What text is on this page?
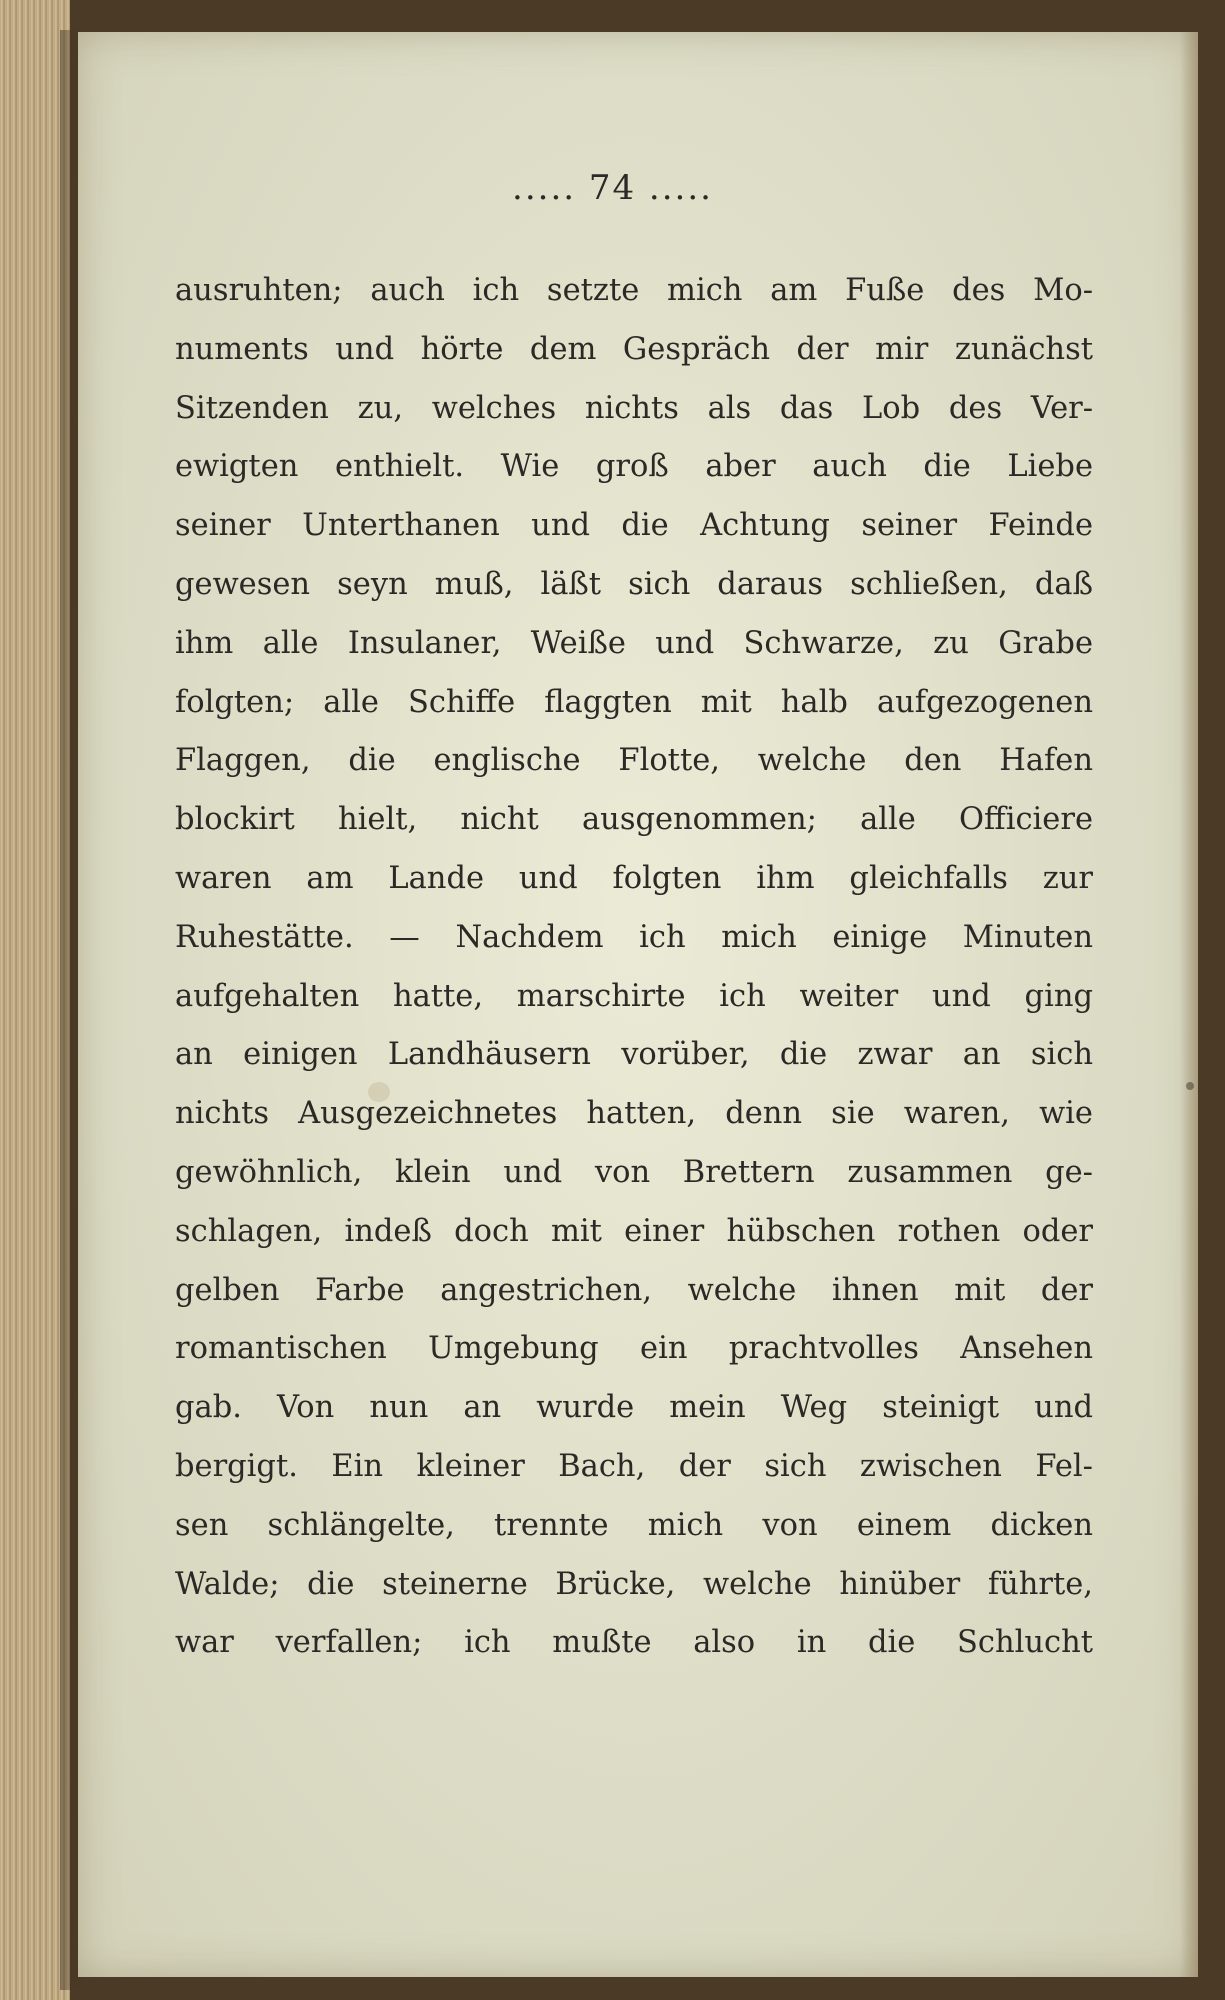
..... 74 .....
ausruhten; auch ich setzte mich am Fuße des Mo-
numents und hörte dem Gespräch der mir zunächst
Sitzenden zu, welches nichts als das Lob des Ver-
ewigten enthielt. Wie groß aber auch die Liebe
seiner Unterthanen und die Achtung seiner Feinde
gewesen seyn muß, läßt sich daraus schließen, daß
ihm alle Insulaner, Weiße und Schwarze, zu Grabe
folgten; alle Schiffe flaggten mit halb aufgezogenen
Flaggen, die englische Flotte, welche den Hafen
blockirt hielt, nicht ausgenommen; alle Officiere
waren am Lande und folgten ihm gleichfalls zur
Ruhestätte. — Nachdem ich mich einige Minuten
aufgehalten hatte, marschirte ich weiter und ging
an einigen Landhäusern vorüber, die zwar an sich
nichts Ausgezeichnetes hatten, denn sie waren, wie
gewöhnlich, klein und von Brettern zusammen ge-
schlagen, indeß doch mit einer hübschen rothen oder
gelben Farbe angestrichen, welche ihnen mit der
romantischen Umgebung ein prachtvolles Ansehen
gab. Von nun an wurde mein Weg steinigt und
bergigt. Ein kleiner Bach, der sich zwischen Fel-
sen schlängelte, trennte mich von einem dicken
Walde; die steinerne Brücke, welche hinüber führte,
war verfallen; ich mußte also in die Schlucht
